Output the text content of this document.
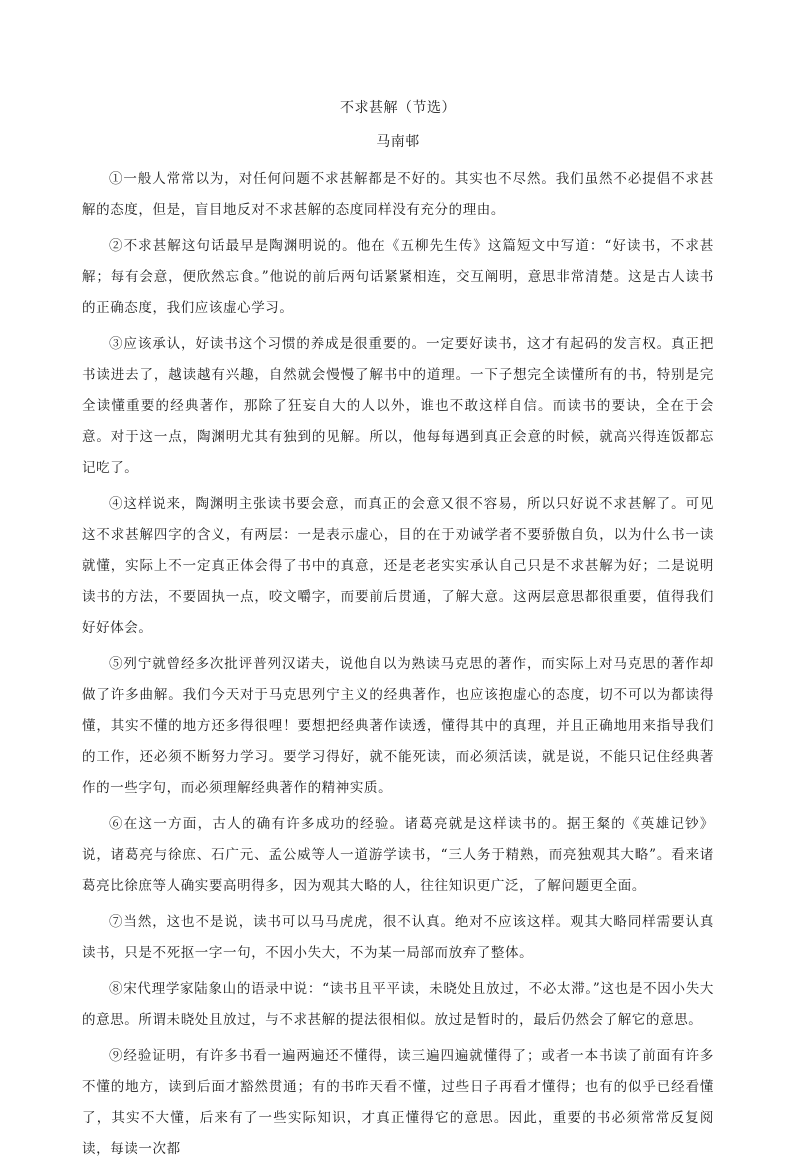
不求甚解（节选）
马南邨

①一般人常常以为，对任何问题不求甚解都是不好的。其实也不尽然。我们虽然不必提倡不求甚解的态度，但是，盲目地反对不求甚解的态度同样没有充分的理由。

②不求甚解这句话最早是陶渊明说的。他在《五柳先生传》这篇短文中写道：“好读书，不求甚解；每有会意，便欣然忘食。”他说的前后两句话紧紧相连，交互阐明，意思非常清楚。这是古人读书的正确态度，我们应该虚心学习。

③应该承认，好读书这个习惯的养成是很重要的。一定要好读书，这才有起码的发言权。真正把书读进去了，越读越有兴趣，自然就会慢慢了解书中的道理。一下子想完全读懂所有的书，特别是完全读懂重要的经典著作，那除了狂妄自大的人以外，谁也不敢这样自信。而读书的要诀，全在于会意。对于这一点，陶渊明尤其有独到的见解。所以，他每每遇到真正会意的时候，就高兴得连饭都忘记吃了。

④这样说来，陶渊明主张读书要会意，而真正的会意又很不容易，所以只好说不求甚解了。可见这不求甚解四字的含义，有两层：一是表示虚心，目的在于劝诫学者不要骄傲自负，以为什么书一读就懂，实际上不一定真正体会得了书中的真意，还是老老实实承认自己只是不求甚解为好；二是说明读书的方法，不要固执一点，咬文嚼字，而要前后贯通，了解大意。这两层意思都很重要，值得我们好好体会。

⑤列宁就曾经多次批评普列汉诺夫，说他自以为熟读马克思的著作，而实际上对马克思的著作却做了许多曲解。我们今天对于马克思列宁主义的经典著作，也应该抱虚心的态度，切不可以为都读得懂，其实不懂的地方还多得很哩！要想把经典著作读透，懂得其中的真理，并且正确地用来指导我们的工作，还必须不断努力学习。要学习得好，就不能死读，而必须活读，就是说，不能只记住经典著作的一些字句，而必须理解经典著作的精神实质。

⑥在这一方面，古人的确有许多成功的经验。诸葛亮就是这样读书的。据王粲的《英雄记钞》说，诸葛亮与徐庶、石广元、孟公威等人一道游学读书，“三人务于精熟，而亮独观其大略”。看来诸葛亮比徐庶等人确实要高明得多，因为观其大略的人，往往知识更广泛，了解问题更全面。

⑦当然，这也不是说，读书可以马马虎虎，很不认真。绝对不应该这样。观其大略同样需要认真读书，只是不死抠一字一句，不因小失大，不为某一局部而放弃了整体。

⑧宋代理学家陆象山的语录中说：“读书且平平读，未晓处且放过，不必太滞。”这也是不因小失大的意思。所谓未晓处且放过，与不求甚解的提法很相似。放过是暂时的，最后仍然会了解它的意思。

⑨经验证明，有许多书看一遍两遍还不懂得，读三遍四遍就懂得了；或者一本书读了前面有许多不懂的地方，读到后面才豁然贯通；有的书昨天看不懂，过些日子再看才懂得；也有的似乎已经看懂了，其实不大懂，后来有了一些实际知识，才真正懂得它的意思。因此，重要的书必须常常反复阅读，每读一次都
